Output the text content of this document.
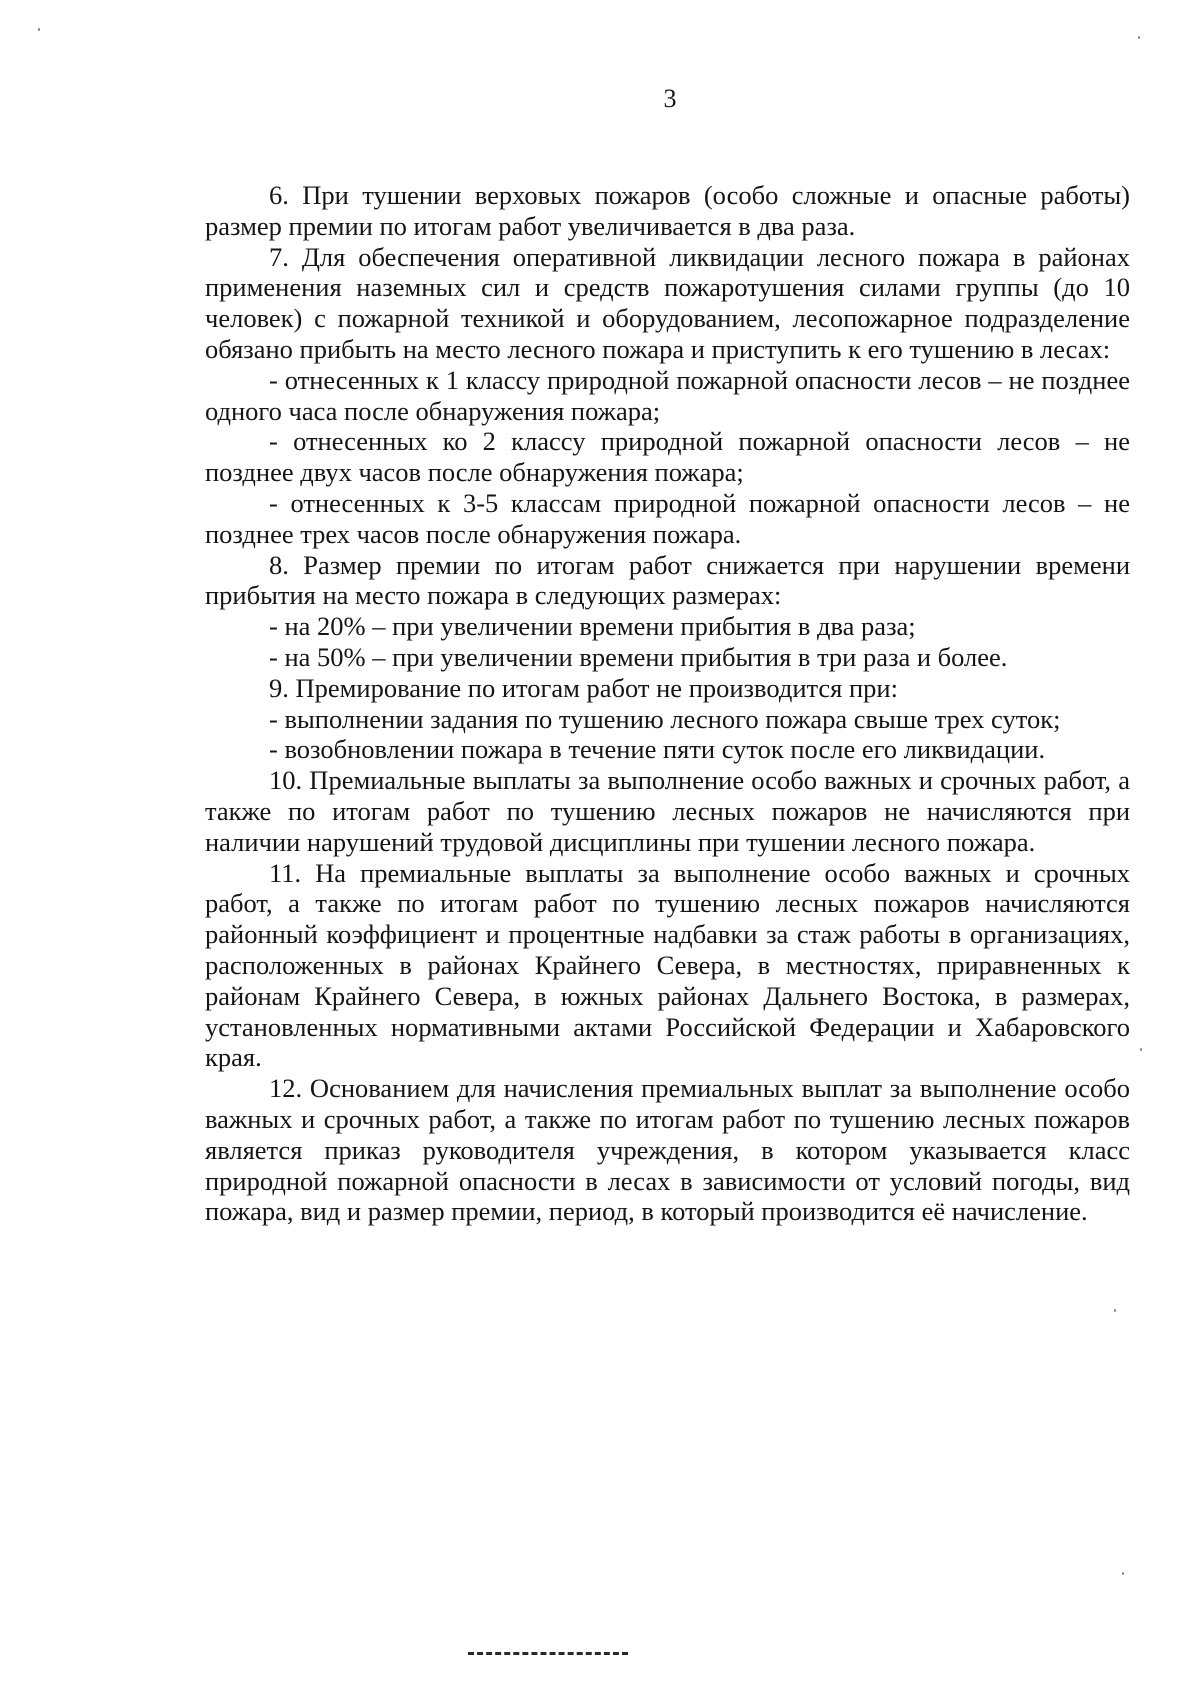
3

6. При тушении верховых пожаров (особо сложные и опасные работы) размер премии по итогам работ увеличивается в два раза.

7. Для обеспечения оперативной ликвидации лесного пожара в районах применения наземных сил и средств пожаротушения силами группы (до 10 человек) с пожарной техникой и оборудованием, лесопожарное подразделение обязано прибыть на место лесного пожара и приступить к его тушению в лесах:

- отнесенных к 1 классу природной пожарной опасности лесов – не позднее одного часа после обнаружения пожара;

- отнесенных ко 2 классу природной пожарной опасности лесов – не позднее двух часов после обнаружения пожара;

- отнесенных к 3-5 классам природной пожарной опасности лесов – не позднее трех часов после обнаружения пожара.

8. Размер премии по итогам работ снижается при нарушении времени прибытия на место пожара в следующих размерах:

- на 20% – при увеличении времени прибытия в два раза;

- на 50% – при увеличении времени прибытия в три раза и более.

9. Премирование по итогам работ не производится при:

- выполнении задания по тушению лесного пожара свыше трех суток;

- возобновлении пожара в течение пяти суток после его ликвидации.

10. Премиальные выплаты за выполнение особо важных и срочных работ, а также по итогам работ по тушению лесных пожаров не начисляются при наличии нарушений трудовой дисциплины при тушении лесного пожара.

11. На премиальные выплаты за выполнение особо важных и срочных работ, а также по итогам работ по тушению лесных пожаров начисляются районный коэффициент и процентные надбавки за стаж работы в организациях, расположенных в районах Крайнего Севера, в местностях, приравненных к районам Крайнего Севера, в южных районах Дальнего Востока, в размерах, установленных нормативными актами Российской Федерации и Хабаровского края.

12. Основанием для начисления премиальных выплат за выполнение особо важных и срочных работ, а также по итогам работ по тушению лесных пожаров является приказ руководителя учреждения, в котором указывается класс природной пожарной опасности в лесах в зависимости от условий погоды, вид пожара, вид и размер премии, период, в который производится её начисление.
